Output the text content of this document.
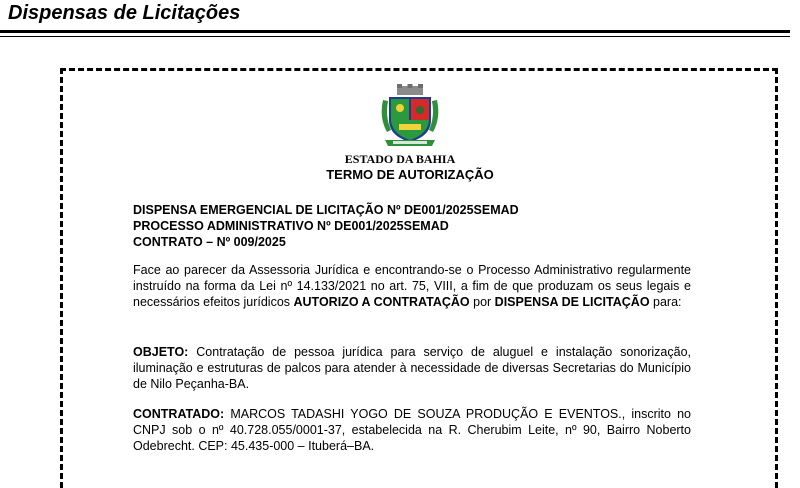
Dispensas de Licitações
ESTADO DA BAHIA
TERMO DE AUTORIZAÇÃO
DISPENSA EMERGENCIAL DE LICITAÇÃO Nº DE001/2025SEMAD
PROCESSO ADMINISTRATIVO Nº DE001/2025SEMAD
CONTRATO – Nº 009/2025
Face ao parecer da Assessoria Jurídica e encontrando-se o Processo Administrativo regularmente instruído na forma da Lei nº 14.133/2021 no art. 75, VIII, a fim de que produzam os seus legais e necessários efeitos jurídicos AUTORIZO A CONTRATAÇÃO por DISPENSA DE LICITAÇÃO para:
OBJETO: Contratação de pessoa jurídica para serviço de aluguel e instalação sonorização, iluminação e estruturas de palcos para atender à necessidade de diversas Secretarias do Município de Nilo Peçanha-BA.
CONTRATADO: MARCOS TADASHI YOGO DE SOUZA PRODUÇÃO E EVENTOS., inscrito no CNPJ sob o nº 40.728.055/0001-37, estabelecida na R. Cherubim Leite, nº 90, Bairro Noberto Odebrecht. CEP: 45.435-000 – Ituberá–BA.
